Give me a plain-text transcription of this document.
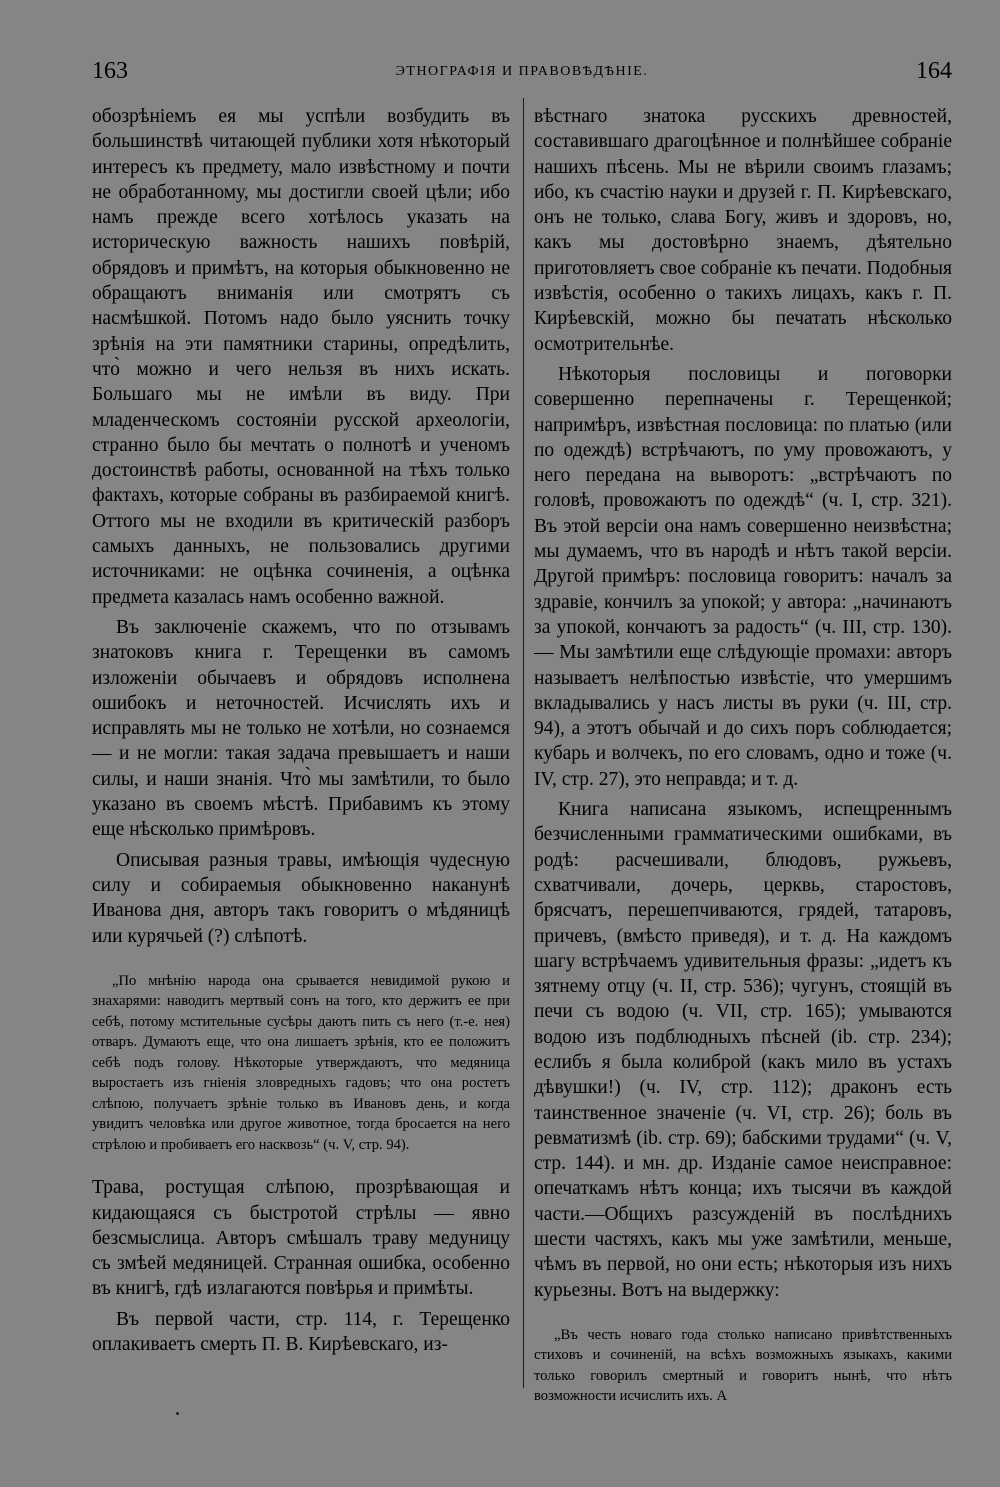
163	ЭТНОГРАФІЯ И ПРАВОВѢДѢНІЕ.	164

обозрѣніемъ ея мы успѣли возбудить въ большинствѣ читающей публики хотя нѣкоторый интересъ къ предмету, мало извѣстному и почти не обработанному, мы достигли своей цѣли; ибо намъ прежде всего хотѣлось указать на историческую важность нашихъ повѣрій, обрядовъ и примѣтъ, на которыя обыкновенно не обращаютъ вниманія или смотрятъ съ насмѣшкой. Потомъ надо было уяснить точку зрѣнія на эти памятники старины, опредѣлить, что̀ можно и чего нельзя въ нихъ искать. Большаго мы не имѣли въ виду. При младенческомъ состояніи русской археологіи, странно было бы мечтать о полнотѣ и ученомъ достоинствѣ работы, основанной на тѣхъ только фактахъ, которые собраны въ разбираемой книгѣ. Оттого мы не входили въ критическій разборъ самыхъ данныхъ, не пользовались другими источниками: не оцѣнка сочиненія, а оцѣнка предмета казалась намъ особенно важной.

Въ заключеніе скажемъ, что по отзывамъ знатоковъ книга г. Терещенки въ самомъ изложеніи обычаевъ и обрядовъ исполнена ошибокъ и неточностей. Исчислять ихъ и исправлять мы не только не хотѣли, но сознаемся — и не могли: такая задача превышаетъ и наши силы, и наши знанія. Что̀ мы замѣтили, то было указано въ своемъ мѣстѣ. Прибавимъ къ этому еще нѣсколько примѣровъ.

Описывая разныя травы, имѣющія чудесную силу и собираемыя обыкновенно наканунѣ Иванова дня, авторъ такъ говоритъ о мѣдяницѣ или курячьей (?) слѣпотѣ.

„По мнѣнію народа она срывается невидимой рукою и знахарями: наводитъ мертвый сонъ на того, кто держитъ ее при себѣ, потому мстительные сусѣры даютъ пить съ него (т.-е. нея) отваръ. Думаютъ еще, что она лишаетъ зрѣнія, кто ее положитъ себѣ подъ голову. Нѣкоторые утверждаютъ, что медяница выростаетъ изъ гніенія зловредныхъ гадовъ; что она ростетъ слѣпою, получаетъ зрѣніе только въ Ивановъ день, и когда увидитъ человѣка или другое животное, тогда бросается на него стрѣлою и пробиваетъ его насквозь“ (ч. V, стр. 94).

Трава, ростущая слѣпою, прозрѣвающая и кидающаяся съ быстротой стрѣлы — явно безсмыслица. Авторъ смѣшалъ траву медуницу съ змѣей медяницей. Странная ошибка, особенно въ книгѣ, гдѣ излагаются повѣрья и примѣты.

Въ первой части, стр. 114, г. Терещенко оплакиваетъ смерть П. В. Кирѣевскаго, из-

вѣстнаго знатока русскихъ древностей, составившаго драгоцѣнное и полнѣйшее собраніе нашихъ пѣсень. Мы не вѣрили своимъ глазамъ; ибо, къ счастію науки и друзей г. П. Кирѣевскаго, онъ не только, слава Богу, живъ и здоровъ, но, какъ мы достовѣрно знаемъ, дѣятельно приготовляетъ свое собраніе къ печати. Подобныя извѣстія, особенно о такихъ лицахъ, какъ г. П. Кирѣевскій, можно бы печатать нѣсколько осмотрительнѣе.

Нѣкоторыя пословицы и поговорки совершенно перепначены г. Терещенкой; напримѣръ, извѣстная пословица: по платью (или по одеждѣ) встрѣчаютъ, по уму провожаютъ, у него передана на выворотъ: „встрѣчаютъ по головѣ, провожаютъ по одеждѣ“ (ч. I, стр. 321). Въ этой версіи она намъ совершенно неизвѣстна; мы думаемъ, что въ народѣ и нѣтъ такой версіи. Другой примѣръ: пословица говоритъ: началъ за здравіе, кончилъ за упокой; у автора: „начинаютъ за упокой, кончаютъ за радость“ (ч. III, стр. 130). — Мы замѣтили еще слѣдующіе промахи: авторъ называетъ нелѣпостью извѣстіе, что умершимъ вкладывались у насъ листы въ руки (ч. III, стр. 94), а этотъ обычай и до сихъ поръ соблюдается; кубарь и волчекъ, по его словамъ, одно и тоже (ч. IV, стр. 27), это неправда; и т. д.

Книга написана языкомъ, испещреннымъ безчисленными грамматическими ошибками, въ родѣ: расчешивали, блюдовъ, ружьевъ, схватчивали, дочерь, церквь, старостовъ, брясчатъ, перешепчиваются, грядей, татаровъ, причевъ, (вмѣсто приведя), и т. д. На каждомъ шагу встрѣчаемъ удивительныя фразы: „идетъ къ зятнему отцу (ч. II, стр. 536); чугунъ, стоящій въ печи съ водою (ч. VII, стр. 165); умываются водою изъ подблюдныхъ пѣсней (ib. стр. 234); еслибъ я была колиброй (какъ мило въ устахъ дѣвушки!) (ч. IV, стр. 112); драконъ есть таинственное значеніе (ч. VI, стр. 26); боль въ ревматизмѣ (ib. стр. 69); бабскими трудами“ (ч. V, стр. 144). и мн. др. Изданіе самое неисправное: опечаткамъ нѣтъ конца; ихъ тысячи въ каждой части.—Общихъ разсужденій въ послѣднихъ шести частяхъ, какъ мы уже замѣтили, меньше, чѣмъ въ первой, но они есть; нѣкоторыя изъ нихъ курьезны. Вотъ на выдержку:

„Въ честь новаго года столько написано привѣтственныхъ стиховъ и сочиненій, на всѣхъ возможныхъ языкахъ, какими только говорилъ смертный и говоритъ нынѣ, что нѣтъ возможности исчислить ихъ. А
